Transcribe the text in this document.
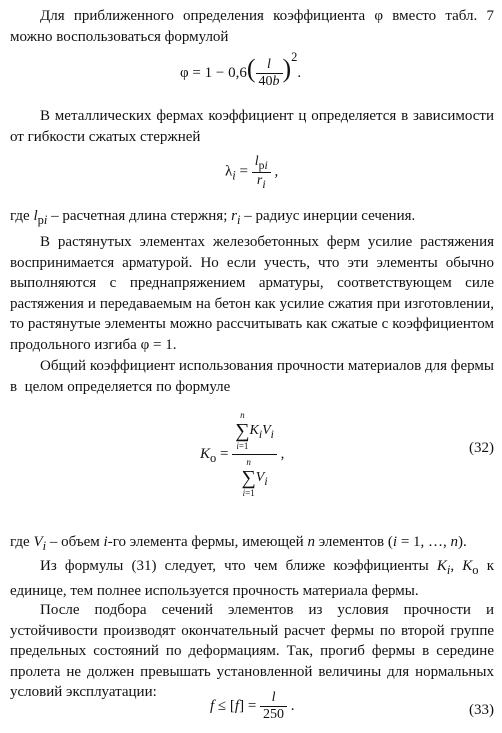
Для приближенного определения коэффициента φ вместо табл. 7 можно воспользоваться формулой
$\varphi = 1 - 0,6( \frac{l}{40b} )^2$.
В металлических фермах коэффициент ц определяется в зависимости от гибкости сжатых стержней
$\lambda_i = \frac{l_{pi}}{r_i}$ ,
где $l_{pi}$ – расчетная длина стержня; $r_i$ – радиус инерции сечения.
В растянутых элементах железобетонных ферм усилие растяжения воспринимается арматурой. Но если учесть, что эти элементы обычно выполняются с преднапряжением арматуры, соответствующем силе растяжения и передаваемым на бетон как усилие сжатия при изготовлении, то растянутые элементы можно рассчитывать как сжатые с коэффициентом продольного изгиба φ = 1.
Общий коэффициент использования прочности материалов для фермы в  целом определяется по формуле
$K_o = n$
∑
i=1
$K_iV_i$
n
∑
i=1
$V_i$ ,	(32)
где $V_i$ – объем i-го элемента фермы, имеющей n элементов (i = 1, …, n).
Из формулы (31) следует, что чем ближе коэффициенты $K_i$, $K_o$ к единице, тем полнее используется прочность материала фермы.
После подбора сечений элементов из условия прочности и устойчивости производят окончательный расчет фермы по второй группе предельных состояний по деформациям. Так, прогиб фермы в середине пролета не должен превышать установленной величины для нормальных условий эксплуатации:
$f \le [f] = \frac{l}{250}$ .	(33)
